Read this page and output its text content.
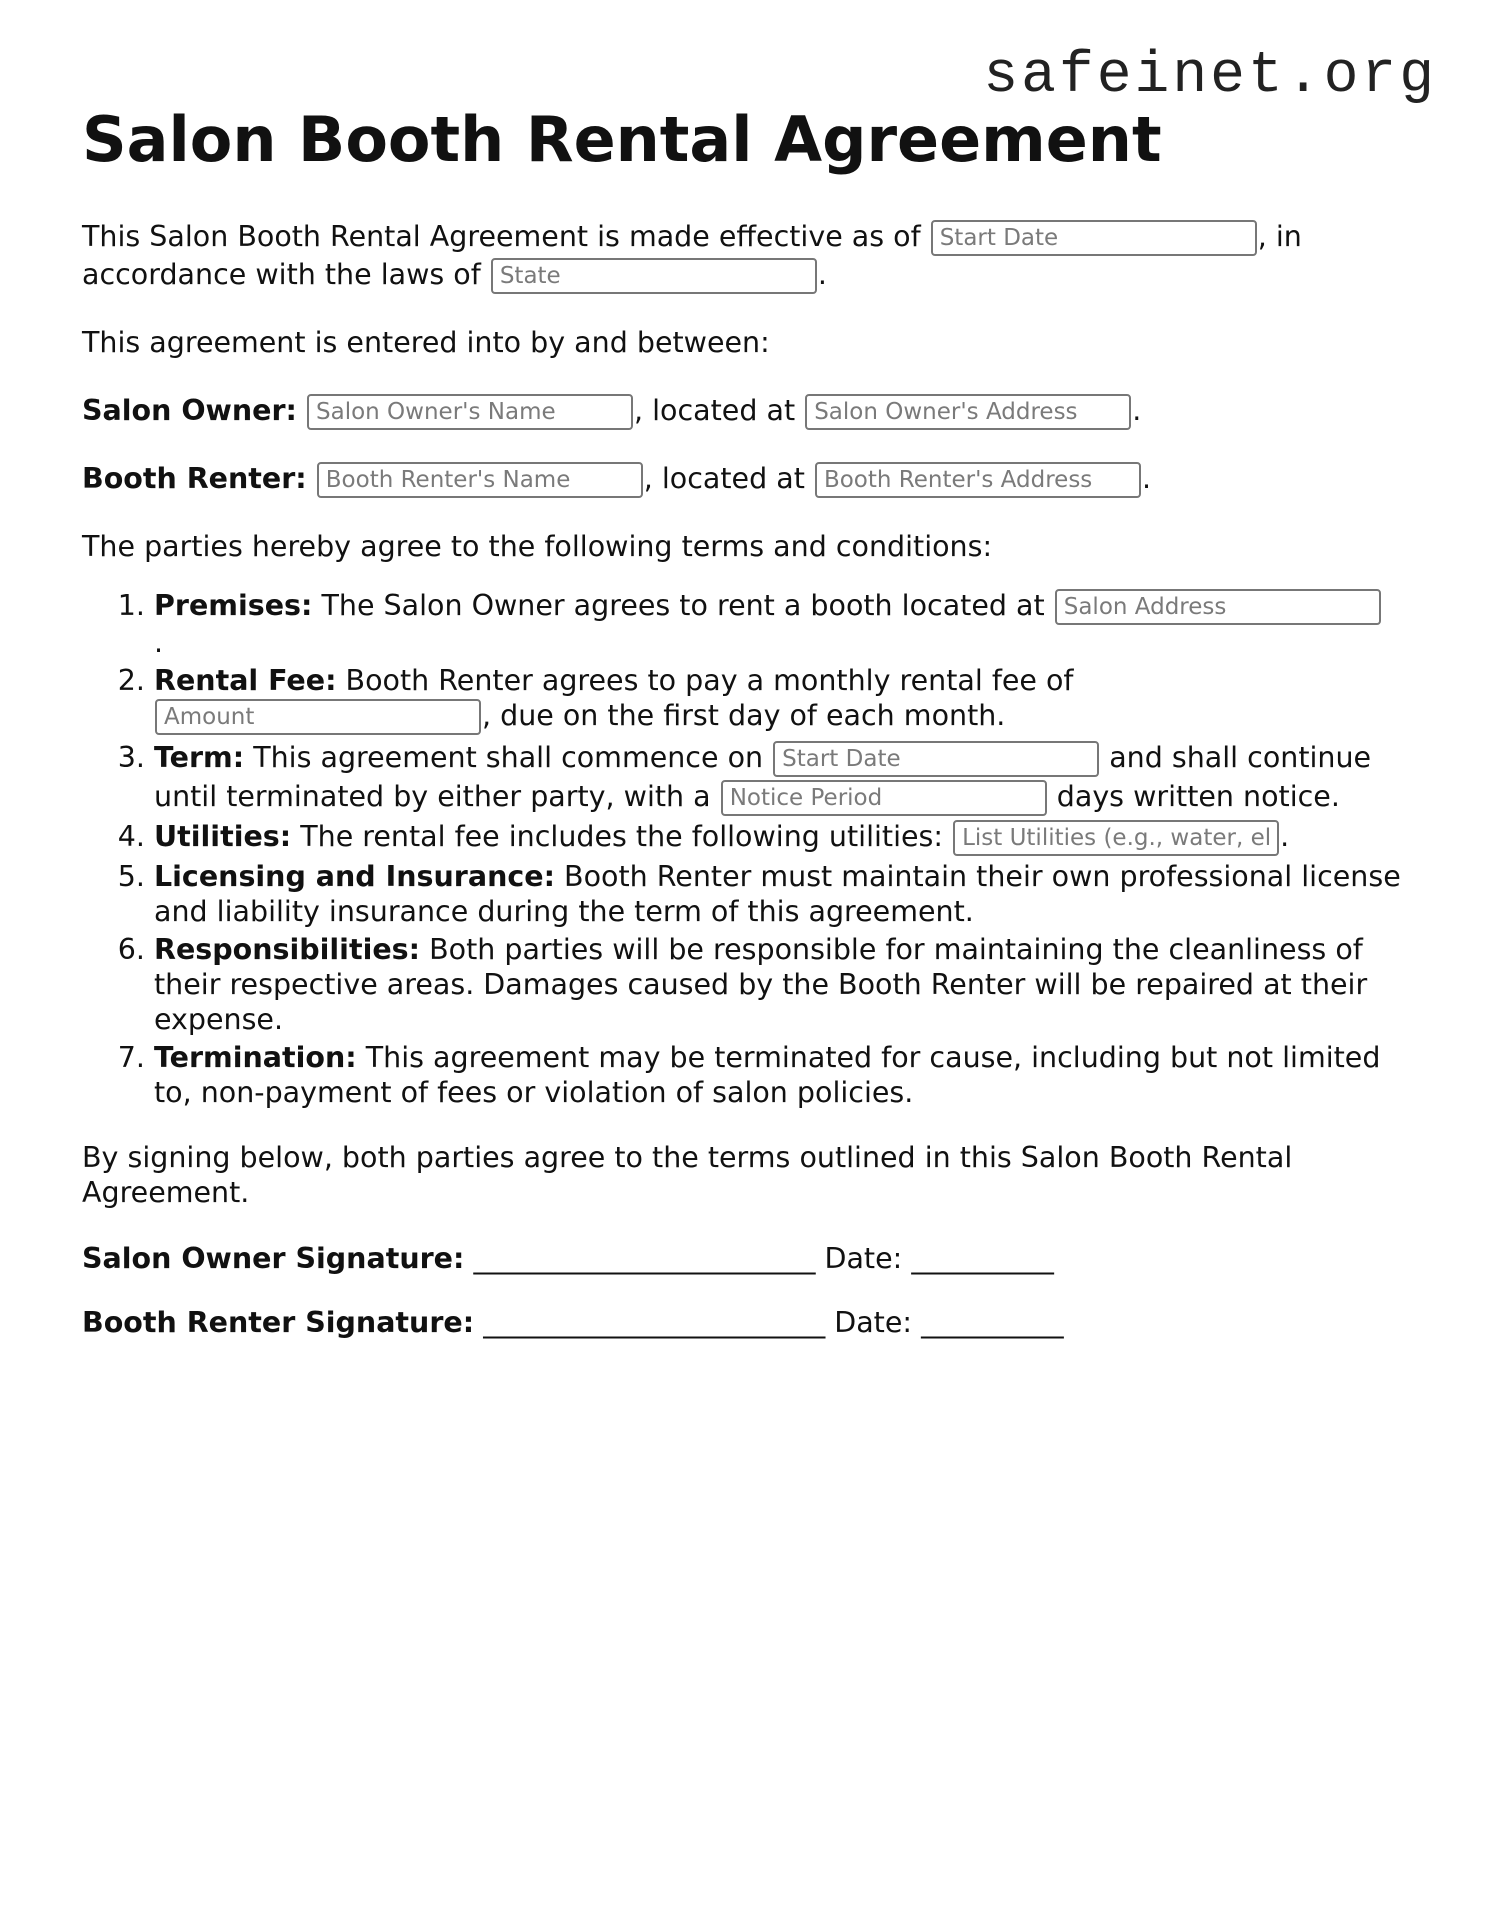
safeinet.org
Salon Booth Rental Agreement

This Salon Booth Rental Agreement is made effective as of Start Date	, in accordance with the laws of State	.

This agreement is entered into by and between:

Salon Owner: Salon Owner's Name	, located at Salon Owner's Address	.

Booth Renter: Booth Renter's Name	, located at Booth Renter's Address	.

The parties hereby agree to the following terms and conditions:

1. Premises: The Salon Owner agrees to rent a booth located at Salon Address
.
2. Rental Fee: Booth Renter agrees to pay a monthly rental fee of
Amount, due on the first day of each month.
3. Term: This agreement shall commence on Start Date	and shall continue until terminated by either party, with a Notice Period	days written notice.
4. Utilities: The rental fee includes the following utilities: List Utilities (e.g., water, electricity)	.
5. Licensing and Insurance: Booth Renter must maintain their own professional license and liability insurance during the term of this agreement.
6. Responsibilities: Both parties will be responsible for maintaining the cleanliness of their respective areas. Damages caused by the Booth Renter will be repaired at their expense.
7. Termination: This agreement may be terminated for cause, including but not limited to, non-payment of fees or violation of salon policies.

By signing below, both parties agree to the terms outlined in this Salon Booth Rental Agreement.

Salon Owner Signature: ________________________ Date: __________
Booth Renter Signature: ________________________ Date: __________
